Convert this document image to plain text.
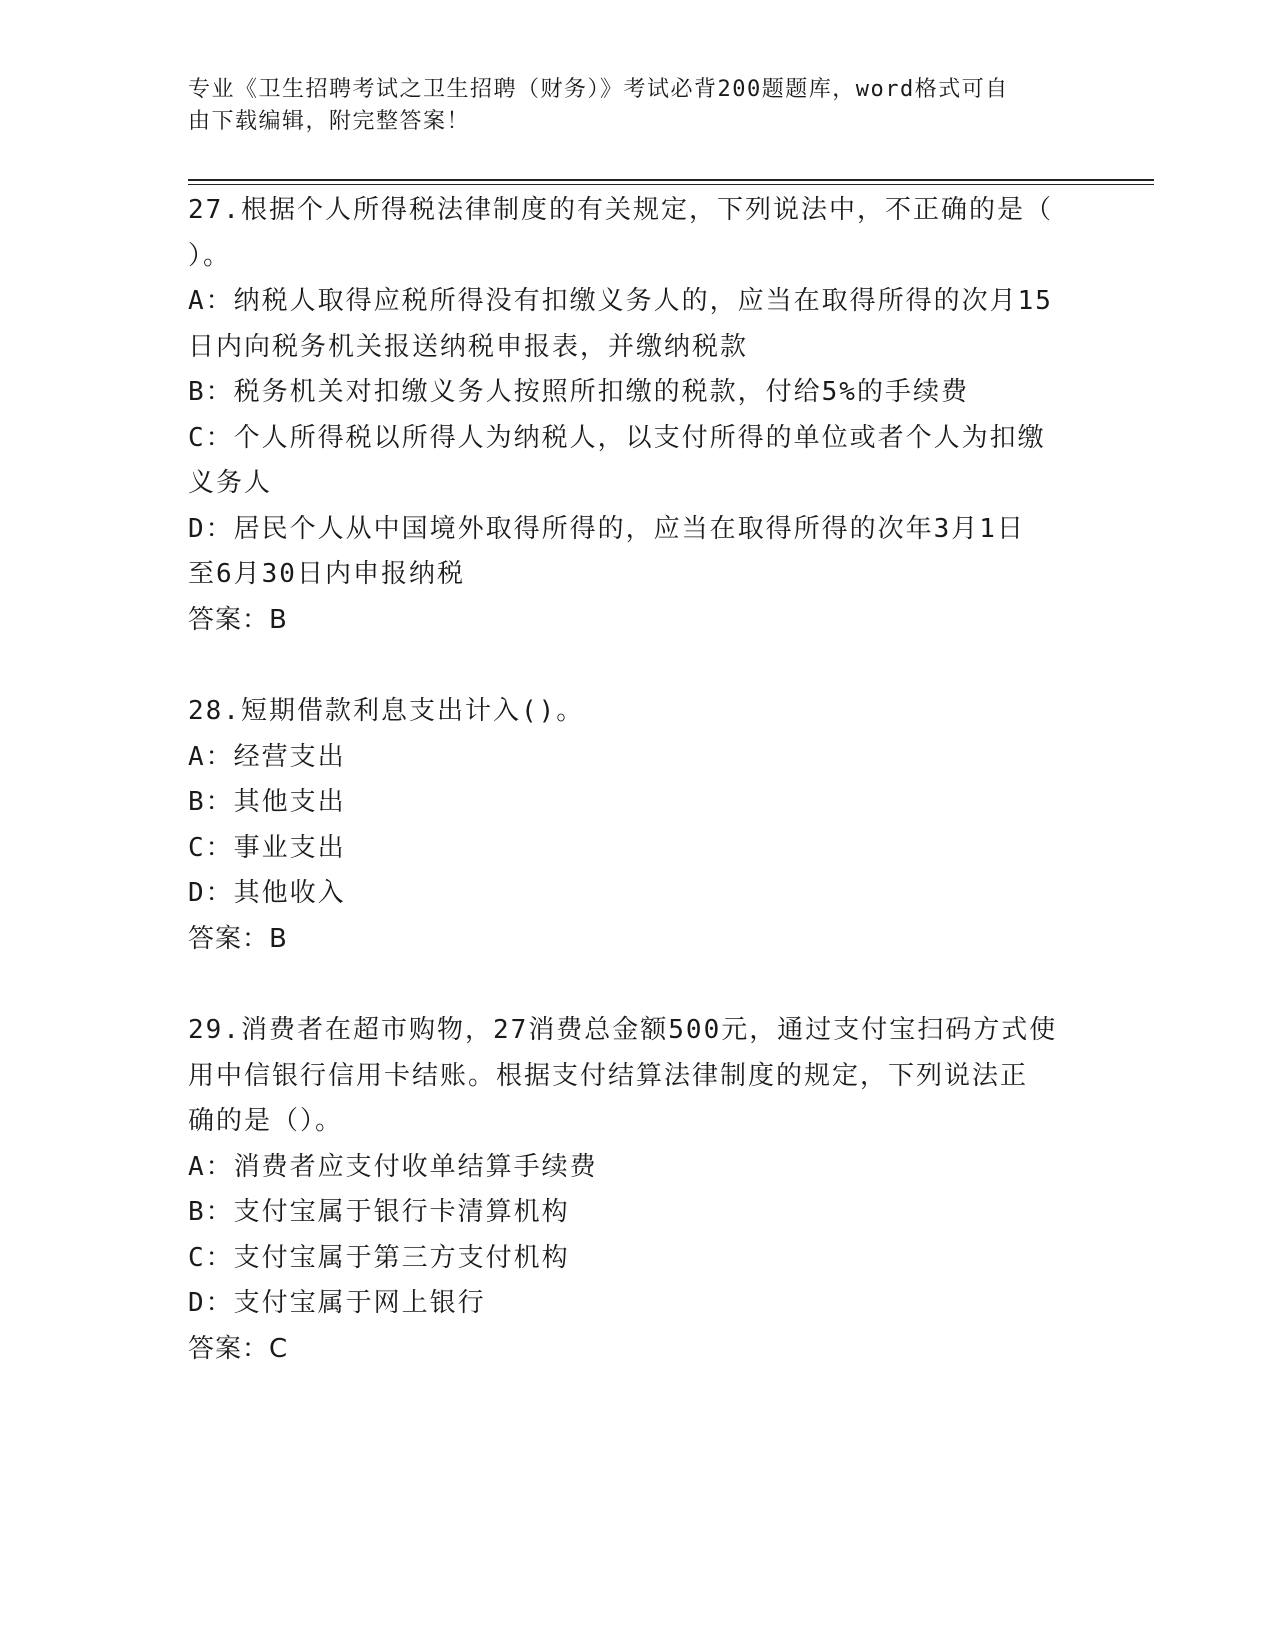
专业《卫生招聘考试之卫生招聘（财务）》考试必背200题题库，word格式可自
由下载编辑，附完整答案！
27.根据个人所得税法律制度的有关规定，下列说法中，不正确的是（
）。
A：纳税人取得应税所得没有扣缴义务人的，应当在取得所得的次月15
日内向税务机关报送纳税申报表，并缴纳税款
B：税务机关对扣缴义务人按照所扣缴的税款，付给5%的手续费
C：个人所得税以所得人为纳税人，以支付所得的单位或者个人为扣缴
义务人
D：居民个人从中国境外取得所得的，应当在取得所得的次年3月1日
至6月30日内申报纳税
答案：B
28.短期借款利息支出计入()。
A：经营支出
B：其他支出
C：事业支出
D：其他收入
答案：B
29.消费者在超市购物，27消费总金额500元，通过支付宝扫码方式使
用中信银行信用卡结账。根据支付结算法律制度的规定，下列说法正
确的是（）。
A：消费者应支付收单结算手续费
B：支付宝属于银行卡清算机构
C：支付宝属于第三方支付机构
D：支付宝属于网上银行
答案：C
